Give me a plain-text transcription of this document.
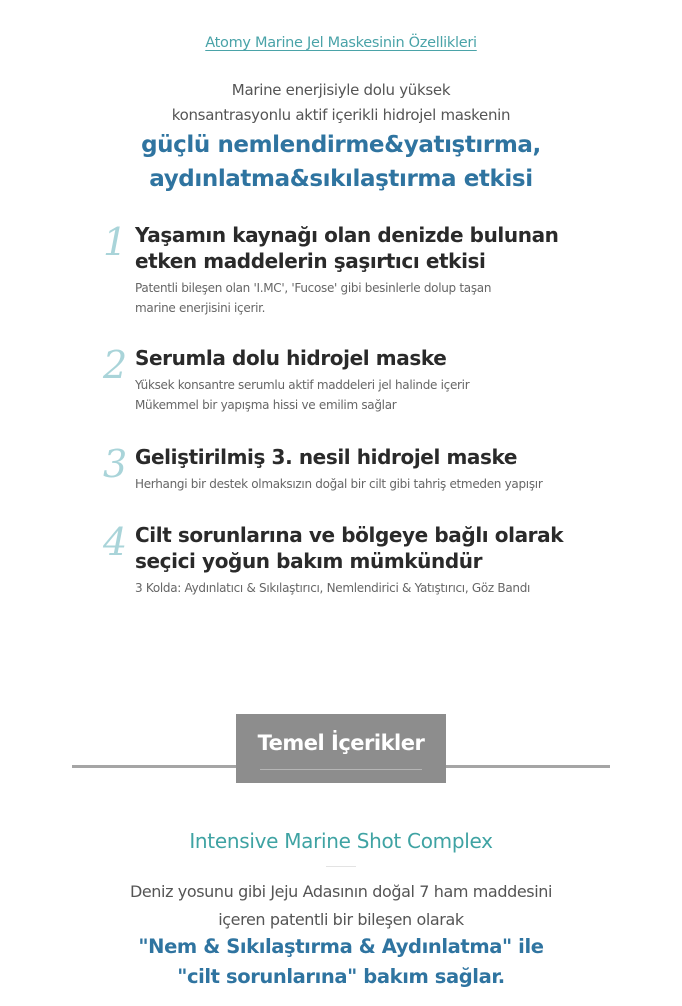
Atomy Marine Jel Maskesinin Özellikleri
Marine enerjisiyle dolu yüksek
konsantrasyonlu aktif içerikli hidrojel maskenin
güçlü nemlendirme&yatıştırma,
aydınlatma&sıkılaştırma etkisi
1 Yaşamın kaynağı olan denizde bulunan
etken maddelerin şaşırtıcı etkisi
Patentli bileşen olan 'I.MC', 'Fucose' gibi besinlerle dolup taşan
marine enerjisini içerir.
2 Serumla dolu hidrojel maske
Yüksek konsantre serumlu aktif maddeleri jel halinde içerir
Mükemmel bir yapışma hissi ve emilim sağlar
3 Geliştirilmiş 3. nesil hidrojel maske
Herhangi bir destek olmaksızın doğal bir cilt gibi tahriş etmeden yapışır
4 Cilt sorunlarına ve bölgeye bağlı olarak
seçici yoğun bakım mümkündür
3 Kolda: Aydınlatıcı & Sıkılaştırıcı, Nemlendirici & Yatıştırıcı, Göz Bandı
Temel İçerikler
Intensive Marine Shot Complex
Deniz yosunu gibi Jeju Adasının doğal 7 ham maddesini
içeren patentli bir bileşen olarak
"Nem & Sıkılaştırma & Aydınlatma" ile
"cilt sorunlarına" bakım sağlar.
